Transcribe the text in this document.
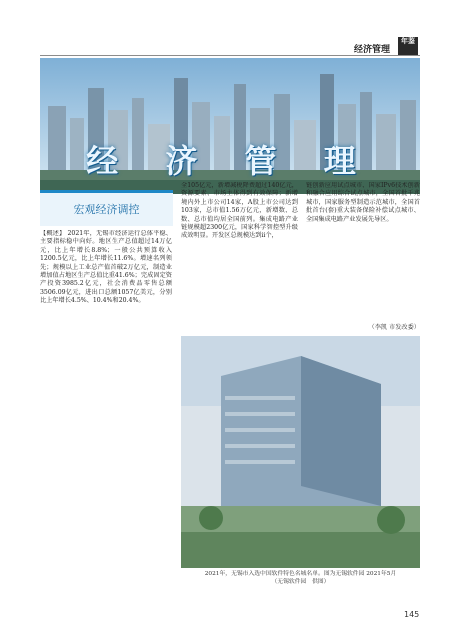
经济管理
年鉴
经 济 管 理
宏观经济调控

【概述】 2021年，无锡市经济运行总体平稳、主要指标稳中向好。地区生产总值超过14万亿元，比上年增长8.8%；一般公共预算收入1200.5亿元，比上年增长11.6%。增速名列领先；规模以上工业总产值首破2万亿元，制造业增加值占地区生产总值比重41.6%；完成固定资产投资3985.2亿元，社会消费品零售总额3506.09亿元，进出口总额1057亿美元，分别比上年增长4.5%、10.4%和20.4%。

全105亿元，新增减税降费超过140亿元，资源要素、市场主体得到有效保障；新增境内外上市公司14家，A股上市公司达到103家，总市值1.56万亿元，新增数、总数、总市值均居全国前列。集成电路产业链规模超2300亿元，国家科学智控型升级成效明显。开发区总规模达到ⅱ个，

链创新应用试点城市、国家IPv6技术创新和融合应用综合试点城市，全国首批千兆城市，国家服务型制造示范城市，全国首批首台(套)重大装备保险补偿试点城市、全国集成电路产业发展先导区。

（李凯 市发改委）

2021年，无锡市入选中国软件特色名城名单。图为无锡软件园 2021年5月
（无锡软件园　供图）
145
